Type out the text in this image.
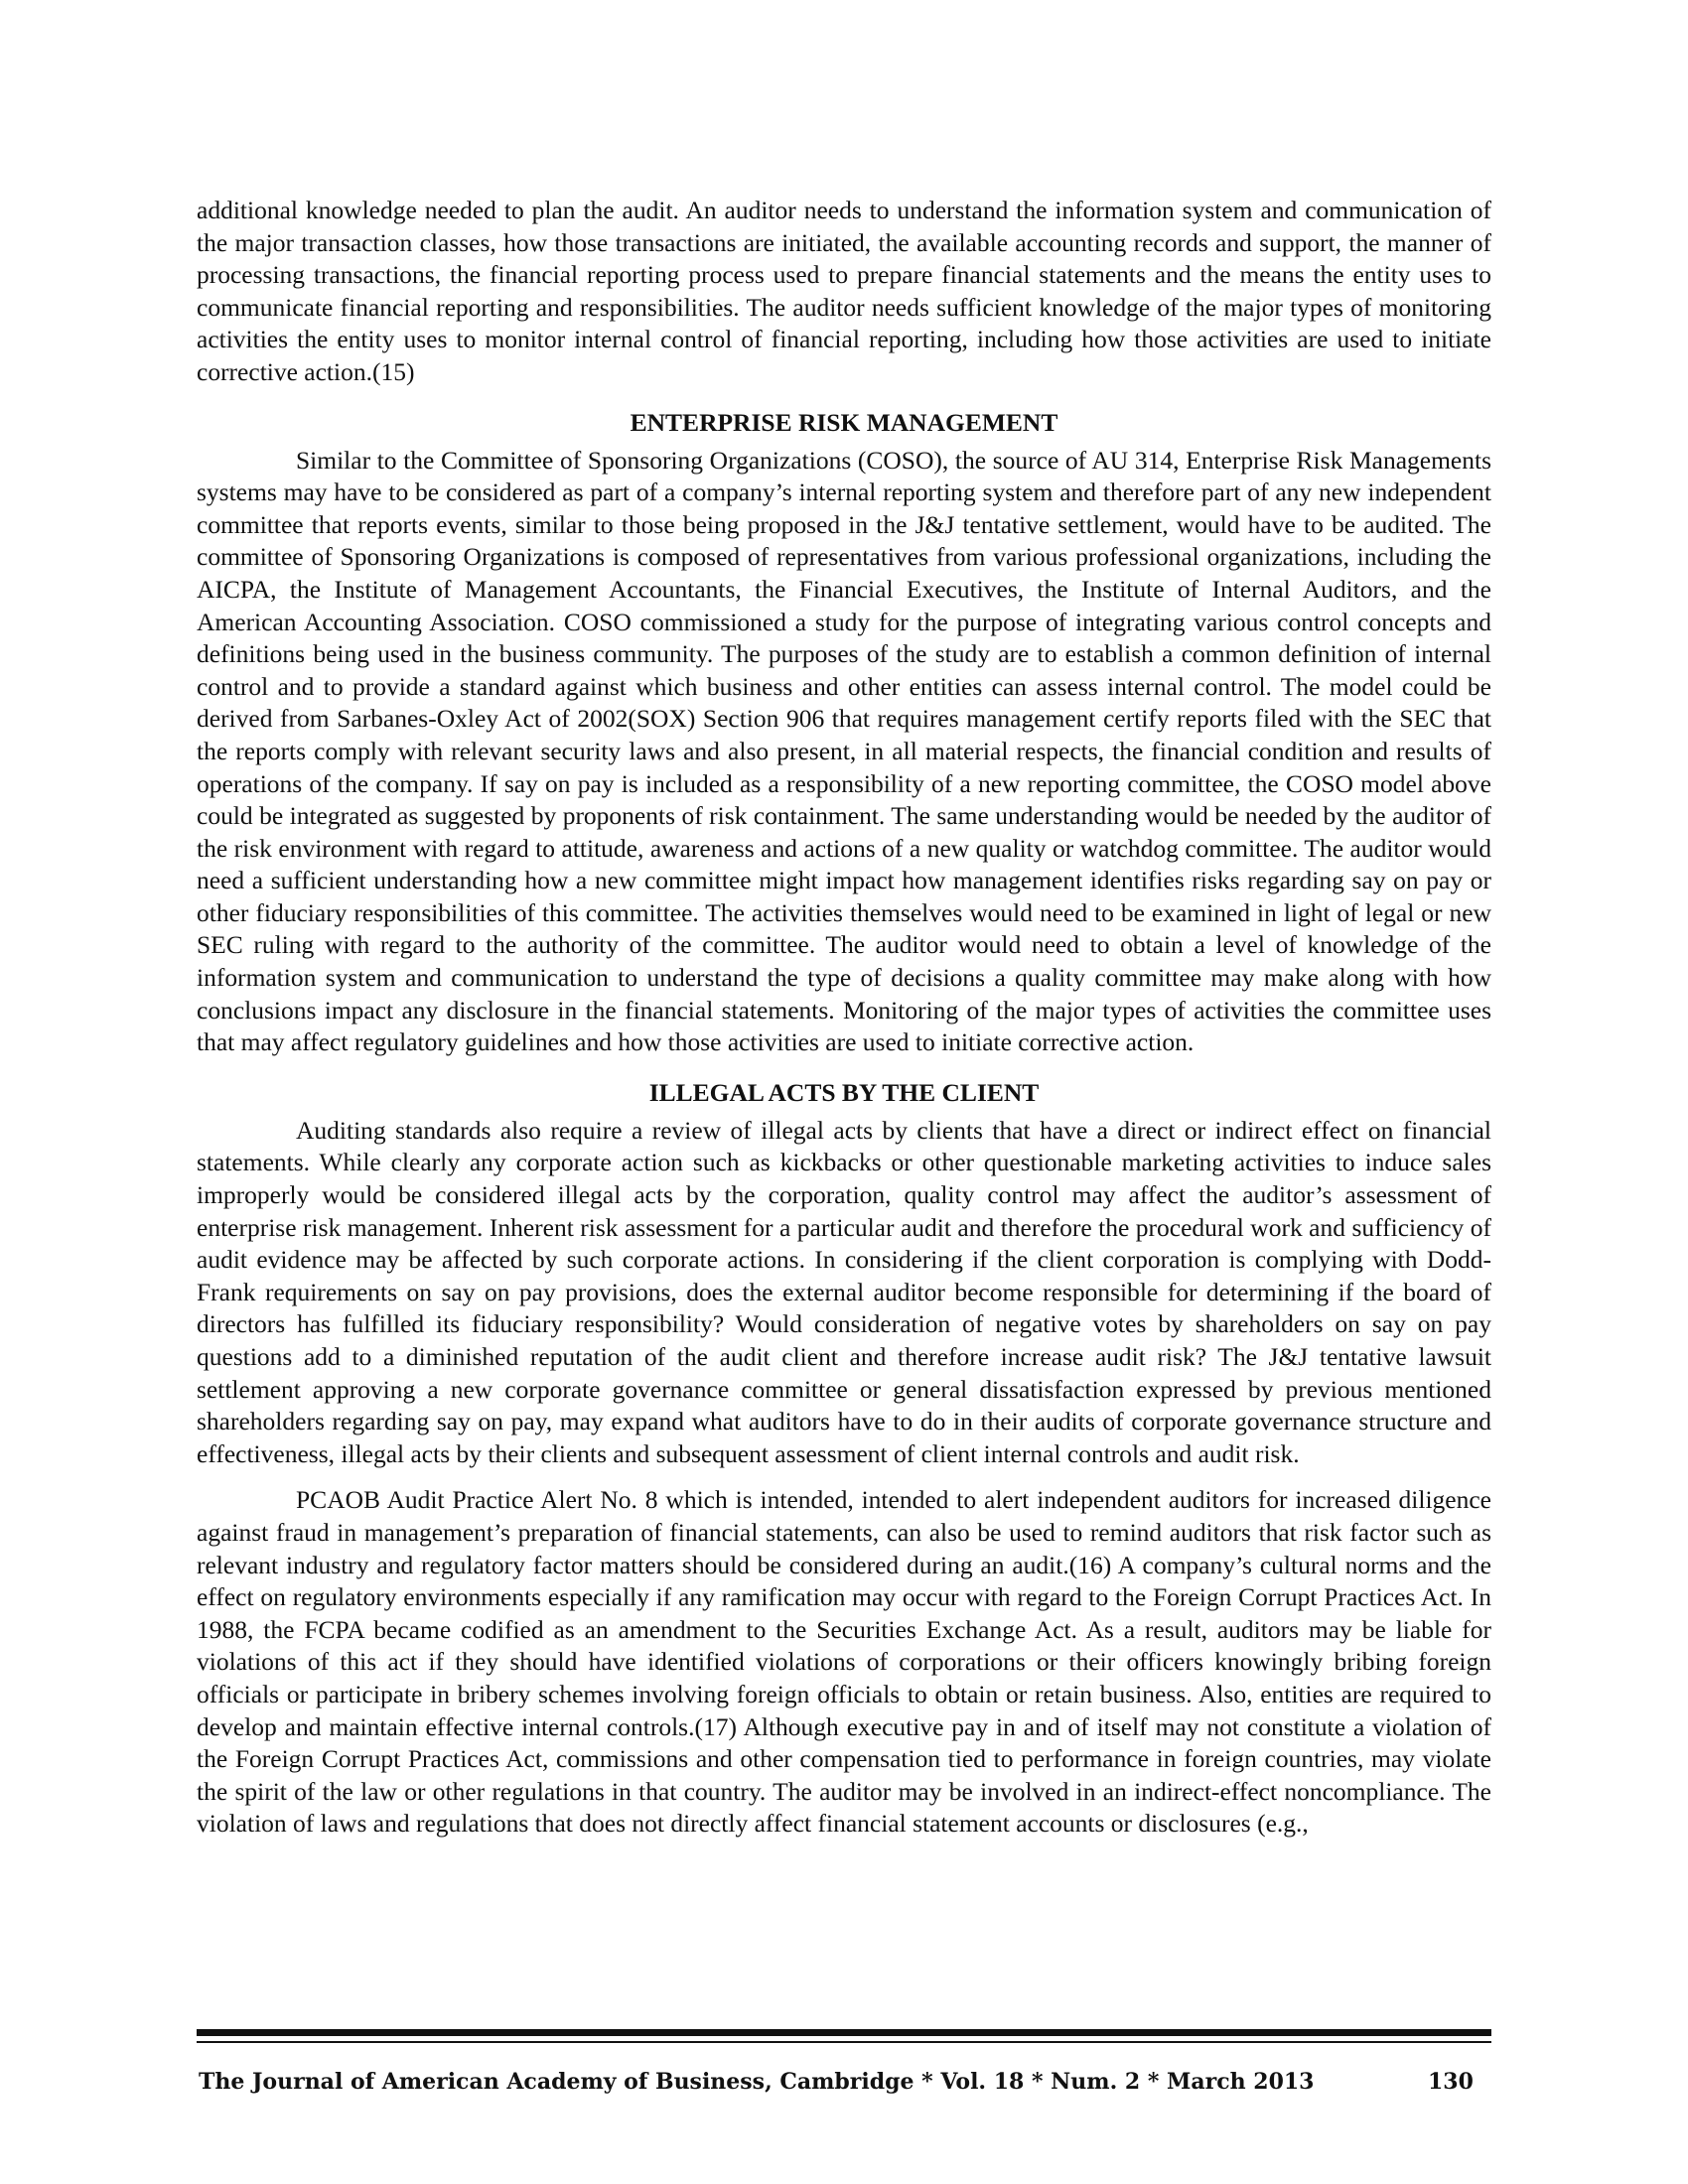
additional knowledge needed to plan the audit. An auditor needs to understand the information system and communication of the major transaction classes, how those transactions are initiated, the available accounting records and support, the manner of processing transactions, the financial reporting process used to prepare financial statements and the means the entity uses to communicate financial reporting and responsibilities. The auditor needs sufficient knowledge of the major types of monitoring activities the entity uses to monitor internal control of financial reporting, including how those activities are used to initiate corrective action.(15)

ENTERPRISE RISK MANAGEMENT

Similar to the Committee of Sponsoring Organizations (COSO), the source of AU 314, Enterprise Risk Managements systems may have to be considered as part of a company’s internal reporting system and therefore part of any new independent committee that reports events, similar to those being proposed in the J&J tentative settlement, would have to be audited. The committee of Sponsoring Organizations is composed of representatives from various professional organizations, including the AICPA, the Institute of Management Accountants, the Financial Executives, the Institute of Internal Auditors, and the American Accounting Association. COSO commissioned a study for the purpose of integrating various control concepts and definitions being used in the business community. The purposes of the study are to establish a common definition of internal control and to provide a standard against which business and other entities can assess internal control. The model could be derived from Sarbanes-Oxley Act of 2002(SOX) Section 906 that requires management certify reports filed with the SEC that the reports comply with relevant security laws and also present, in all material respects, the financial condition and results of operations of the company. If say on pay is included as a responsibility of a new reporting committee, the COSO model above could be integrated as suggested by proponents of risk containment. The same understanding would be needed by the auditor of the risk environment with regard to attitude, awareness and actions of a new quality or watchdog committee. The auditor would need a sufficient understanding how a new committee might impact how management identifies risks regarding say on pay or other fiduciary responsibilities of this committee. The activities themselves would need to be examined in light of legal or new SEC ruling with regard to the authority of the committee. The auditor would need to obtain a level of knowledge of the information system and communication to understand the type of decisions a quality committee may make along with how conclusions impact any disclosure in the financial statements. Monitoring of the major types of activities the committee uses that may affect regulatory guidelines and how those activities are used to initiate corrective action.

ILLEGAL ACTS BY THE CLIENT

Auditing standards also require a review of illegal acts by clients that have a direct or indirect effect on financial statements. While clearly any corporate action such as kickbacks or other questionable marketing activities to induce sales improperly would be considered illegal acts by the corporation, quality control may affect the auditor’s assessment of enterprise risk management. Inherent risk assessment for a particular audit and therefore the procedural work and sufficiency of audit evidence may be affected by such corporate actions. In considering if the client corporation is complying with Dodd-Frank requirements on say on pay provisions, does the external auditor become responsible for determining if the board of directors has fulfilled its fiduciary responsibility? Would consideration of negative votes by shareholders on say on pay questions add to a diminished reputation of the audit client and therefore increase audit risk? The J&J tentative lawsuit settlement approving a new corporate governance committee or general dissatisfaction expressed by previous mentioned shareholders regarding say on pay, may expand what auditors have to do in their audits of corporate governance structure and effectiveness, illegal acts by their clients and subsequent assessment of client internal controls and audit risk.

PCAOB Audit Practice Alert No. 8 which is intended, intended to alert independent auditors for increased diligence against fraud in management’s preparation of financial statements, can also be used to remind auditors that risk factor such as relevant industry and regulatory factor matters should be considered during an audit.(16) A company’s cultural norms and the effect on regulatory environments especially if any ramification may occur with regard to the Foreign Corrupt Practices Act. In 1988, the FCPA became codified as an amendment to the Securities Exchange Act. As a result, auditors may be liable for violations of this act if they should have identified violations of corporations or their officers knowingly bribing foreign officials or participate in bribery schemes involving foreign officials to obtain or retain business. Also, entities are required to develop and maintain effective internal controls.(17) Although executive pay in and of itself may not constitute a violation of the Foreign Corrupt Practices Act, commissions and other compensation tied to performance in foreign countries, may violate the spirit of the law or other regulations in that country. The auditor may be involved in an indirect-effect noncompliance. The violation of laws and regulations that does not directly affect financial statement accounts or disclosures (e.g.,

The Journal of American Academy of Business, Cambridge * Vol. 18 * Num. 2 * March 2013	130
